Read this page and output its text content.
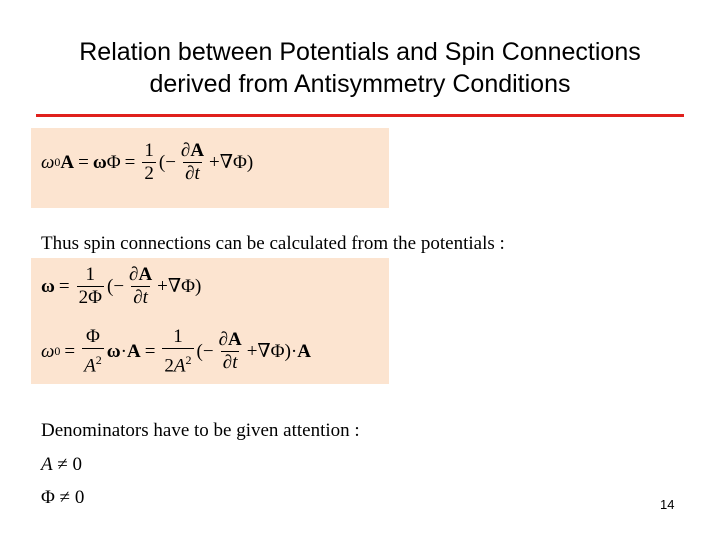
Relation between Potentials and Spin Connections
derived from Antisymmetry Conditions
ω 0 A = ω $\Phi = \frac{1}{2}$ (− $\frac{\partial A}{\partial t} +\nabla\Phi$)
Thus spin connections can be calculated from the potentials :
$\omega = \frac{1}{2\Phi}$ (− $\frac{\partial A}{\partial t} +\nabla\Phi$)
ω $0 = \frac{\Phi}{A^2}$ $\omega \cdot A = \frac{1}{2A^2}$ (− $\frac{\partial A}{\partial t} +\nabla\Phi)\cdot A$
Denominators have to be given attention :
A ≠ 0
Φ ≠ 0	14
